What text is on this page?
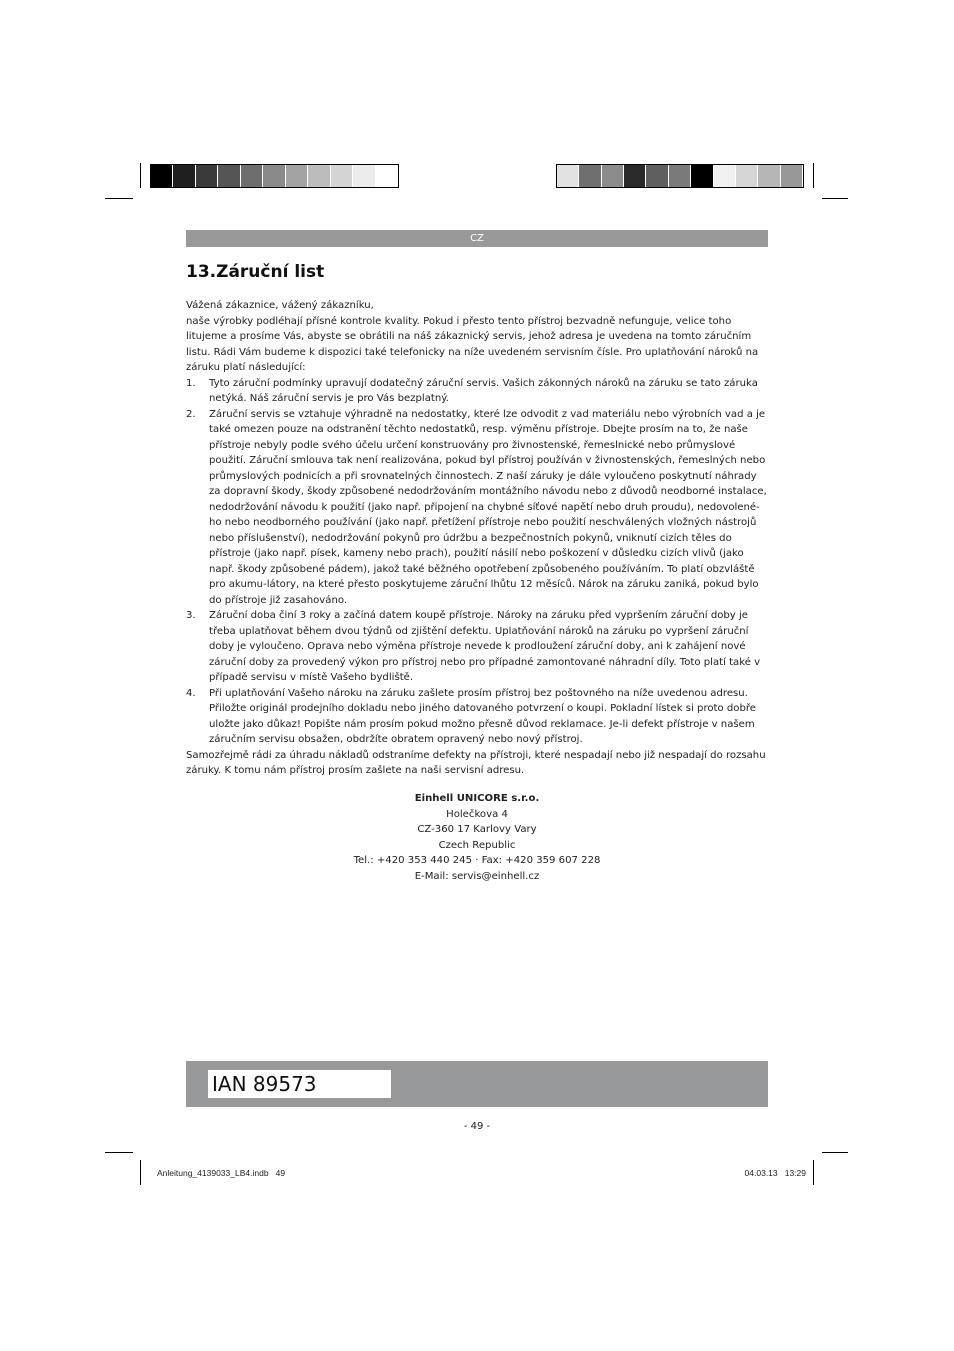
CZ
13.Záruční list

Vážená zákaznice, vážený zákazníku,

naše výrobky podléhají přísné kontrole kvality. Pokud i přesto tento přístroj bezvadně nefunguje, velice toho litujeme a prosíme Vás, abyste se obrátili na náš zákaznický servis, jehož adresa je uvedena na tomto záručním listu. Rádi Vám budeme k dispozici také telefonicky na níže uvedeném servisním čísle. Pro uplatňování nároků na záruku platí následující:

1. Tyto záruční podmínky upravují dodatečný záruční servis. Vašich zákonných nároků na záruku se tato záruka netýká. Náš záruční servis je pro Vás bezplatný.
2. Záruční servis se vztahuje výhradně na nedostatky, které lze odvodit z vad materiálu nebo výrobních vad a je také omezen pouze na odstranění těchto nedostatků, resp. výměnu přístroje. Dbejte prosím na to, že naše přístroje nebyly podle svého účelu určení konstruovány pro živnostenské, řemeslnické nebo průmyslové použití. Záruční smlouva tak není realizována, pokud byl přístroj používán v živnostenských, řemeslných nebo průmyslových podnicích a při srovnatelných činnostech. Z naší záruky je dále vyloučeno poskytnutí náhrady za dopravní škody, škody způsobené nedodržováním montážního návodu nebo z důvodů neodborné instalace, nedodržování návodu k použití (jako např. připojení na chybné síťové napětí nebo druh proudu), nedovolené-ho nebo neodborného používání (jako např. přetížení přístroje nebo použití neschválených vložných nástrojů nebo příslušenství), nedodržování pokynů pro údržbu a bezpečnostních pokynů, vniknutí cizích těles do přístroje (jako např. písek, kameny nebo prach), použití násilí nebo poškození v důsledku cizích vlivů (jako např. škody způsobené pádem), jakož také běžného opotřebení způsobeného používáním. To platí obzvláště pro akumu-látory, na které přesto poskytujeme záruční lhůtu 12 měsíců. Nárok na záruku zaniká, pokud bylo do přístroje již zasahováno.
3. Záruční doba činí 3 roky a začíná datem koupě přístroje. Nároky na záruku před vypršením záruční doby je třeba uplatňovat během dvou týdnů od zjištění defektu. Uplatňování nároků na záruku po vypršení záruční doby je vyloučeno. Oprava nebo výměna přístroje nevede k prodloužení záruční doby, ani k zahájení nové záruční doby za provedený výkon pro přístroj nebo pro případné zamontované náhradní díly. Toto platí také v případě servisu v místě Vašeho bydliště.
4. Při uplatňování Vašeho nároku na záruku zašlete prosím přístroj bez poštovného na níže uvedenou adresu. Přiložte originál prodejního dokladu nebo jiného datovaného potvrzení o koupi. Pokladní lístek si proto dobře uložte jako důkaz! Popište nám prosím pokud možno přesně důvod reklamace. Je-li defekt přístroje v našem záručním servisu obsažen, obdržíte obratem opravený nebo nový přístroj.

Samozřejmě rádi za úhradu nákladů odstraníme defekty na přístroji, které nespadají nebo již nespadají do rozsahu záruky. K tomu nám přístroj prosím zašlete na naši servisní adresu.

Einhell UNICORE s.r.o.
Holečkova 4
CZ-360 17 Karlovy Vary
Czech Republic
Tel.: +420 353 440 245 · Fax: +420 359 607 228
E-Mail: servis@einhell.cz
IAN 89573
- 49 -
Anleitung_4139033_LB4.indb   49	04.03.13   13:29
